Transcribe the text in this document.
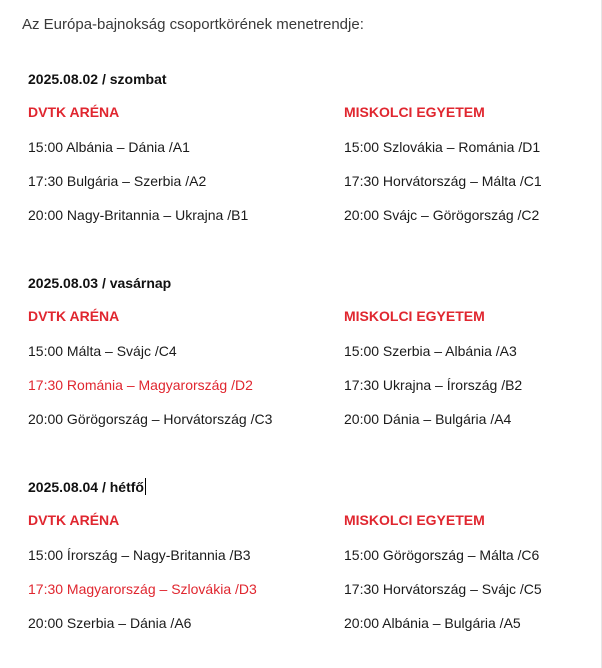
Az Európa-bajnokság csoportkörének menetrendje:
2025.08.02 / szombat
DVTK ARÉNA
15:00 Albánia – Dánia /A1
17:30 Bulgária – Szerbia /A2
20:00 Nagy-Britannia – Ukrajna /B1
MISKOLCI EGYETEM
15:00 Szlovákia – Románia /D1
17:30 Horvátország – Málta /C1
20:00 Svájc – Görögország /C2
2025.08.03 / vasárnap
DVTK ARÉNA
15:00 Málta – Svájc /C4
17:30 Románia – Magyarország /D2
20:00 Görögország – Horvátország /C3
MISKOLCI EGYETEM
15:00 Szerbia – Albánia /A3
17:30 Ukrajna – Írország /B2
20:00 Dánia – Bulgária /A4
2025.08.04 / hétfő
DVTK ARÉNA
15:00 Írország – Nagy-Britannia /B3
17:30 Magyarország – Szlovákia /D3
20:00 Szerbia – Dánia /A6
MISKOLCI EGYETEM
15:00 Görögország – Málta /C6
17:30 Horvátország – Svájc /C5
20:00 Albánia – Bulgária /A5
